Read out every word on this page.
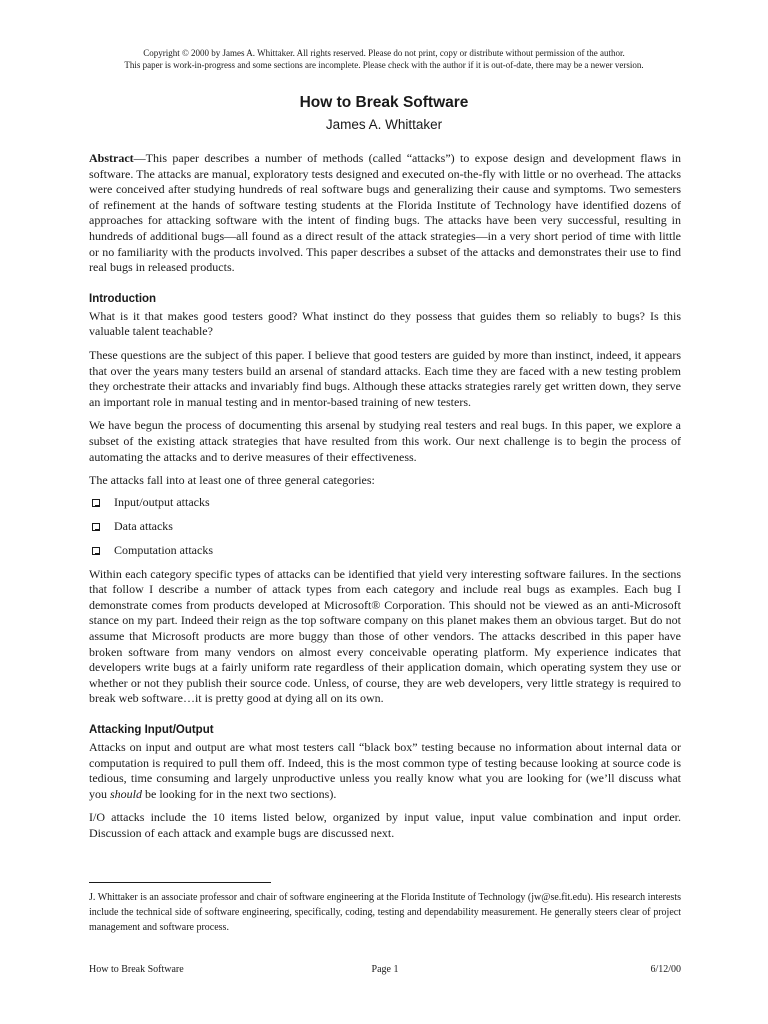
Copyright © 2000 by James A. Whittaker. All rights reserved. Please do not print, copy or distribute without permission of the author.
This paper is work-in-progress and some sections are incomplete. Please check with the author if it is out-of-date, there may be a newer version.
How to Break Software
James A. Whittaker

Abstract—This paper describes a number of methods (called “attacks”) to expose design and development flaws in software. The attacks are manual, exploratory tests designed and executed on-the-fly with little or no overhead. The attacks were conceived after studying hundreds of real software bugs and generalizing their cause and symptoms. Two semesters of refinement at the hands of software testing students at the Florida Institute of Technology have identified dozens of approaches for attacking software with the intent of finding bugs. The attacks have been very successful, resulting in hundreds of additional bugs—all found as a direct result of the attack strategies—in a very short period of time with little or no familiarity with the products involved. This paper describes a subset of the attacks and demonstrates their use to find real bugs in released products.

Introduction

What is it that makes good testers good? What instinct do they possess that guides them so reliably to bugs? Is this valuable talent teachable?

These questions are the subject of this paper. I believe that good testers are guided by more than instinct, indeed, it appears that over the years many testers build an arsenal of standard attacks. Each time they are faced with a new testing problem they orchestrate their attacks and invariably find bugs. Although these attacks strategies rarely get written down, they serve an important role in manual testing and in mentor-based training of new testers.

We have begun the process of documenting this arsenal by studying real testers and real bugs. In this paper, we explore a subset of the existing attack strategies that have resulted from this work. Our next challenge is to begin the process of automating the attacks and to derive measures of their effectiveness.

The attacks fall into at least one of three general categories:

Input/output attacks
Data attacks
Computation attacks

Within each category specific types of attacks can be identified that yield very interesting software failures. In the sections that follow I describe a number of attack types from each category and include real bugs as examples. Each bug I demonstrate comes from products developed at Microsoft® Corporation. This should not be viewed as an anti-Microsoft stance on my part. Indeed their reign as the top software company on this planet makes them an obvious target. But do not assume that Microsoft products are more buggy than those of other vendors. The attacks described in this paper have broken software from many vendors on almost every conceivable operating platform. My experience indicates that developers write bugs at a fairly uniform rate regardless of their application domain, which operating system they use or whether or not they publish their source code. Unless, of course, they are web developers, very little strategy is required to break web software…it is pretty good at dying all on its own.

Attacking Input/Output

Attacks on input and output are what most testers call “black box” testing because no information about internal data or computation is required to pull them off. Indeed, this is the most common type of testing because looking at source code is tedious, time consuming and largely unproductive unless you really know what you are looking for (we’ll discuss what you should be looking for in the next two sections).

I/O attacks include the 10 items listed below, organized by input value, input value combination and input order. Discussion of each attack and example bugs are discussed next.

J. Whittaker is an associate professor and chair of software engineering at the Florida Institute of Technology (jw@se.fit.edu). His research interests include the technical side of software engineering, specifically, coding, testing and dependability measurement. He generally steers clear of project management and software process.
How to Break Software	Page 1	6/12/00
